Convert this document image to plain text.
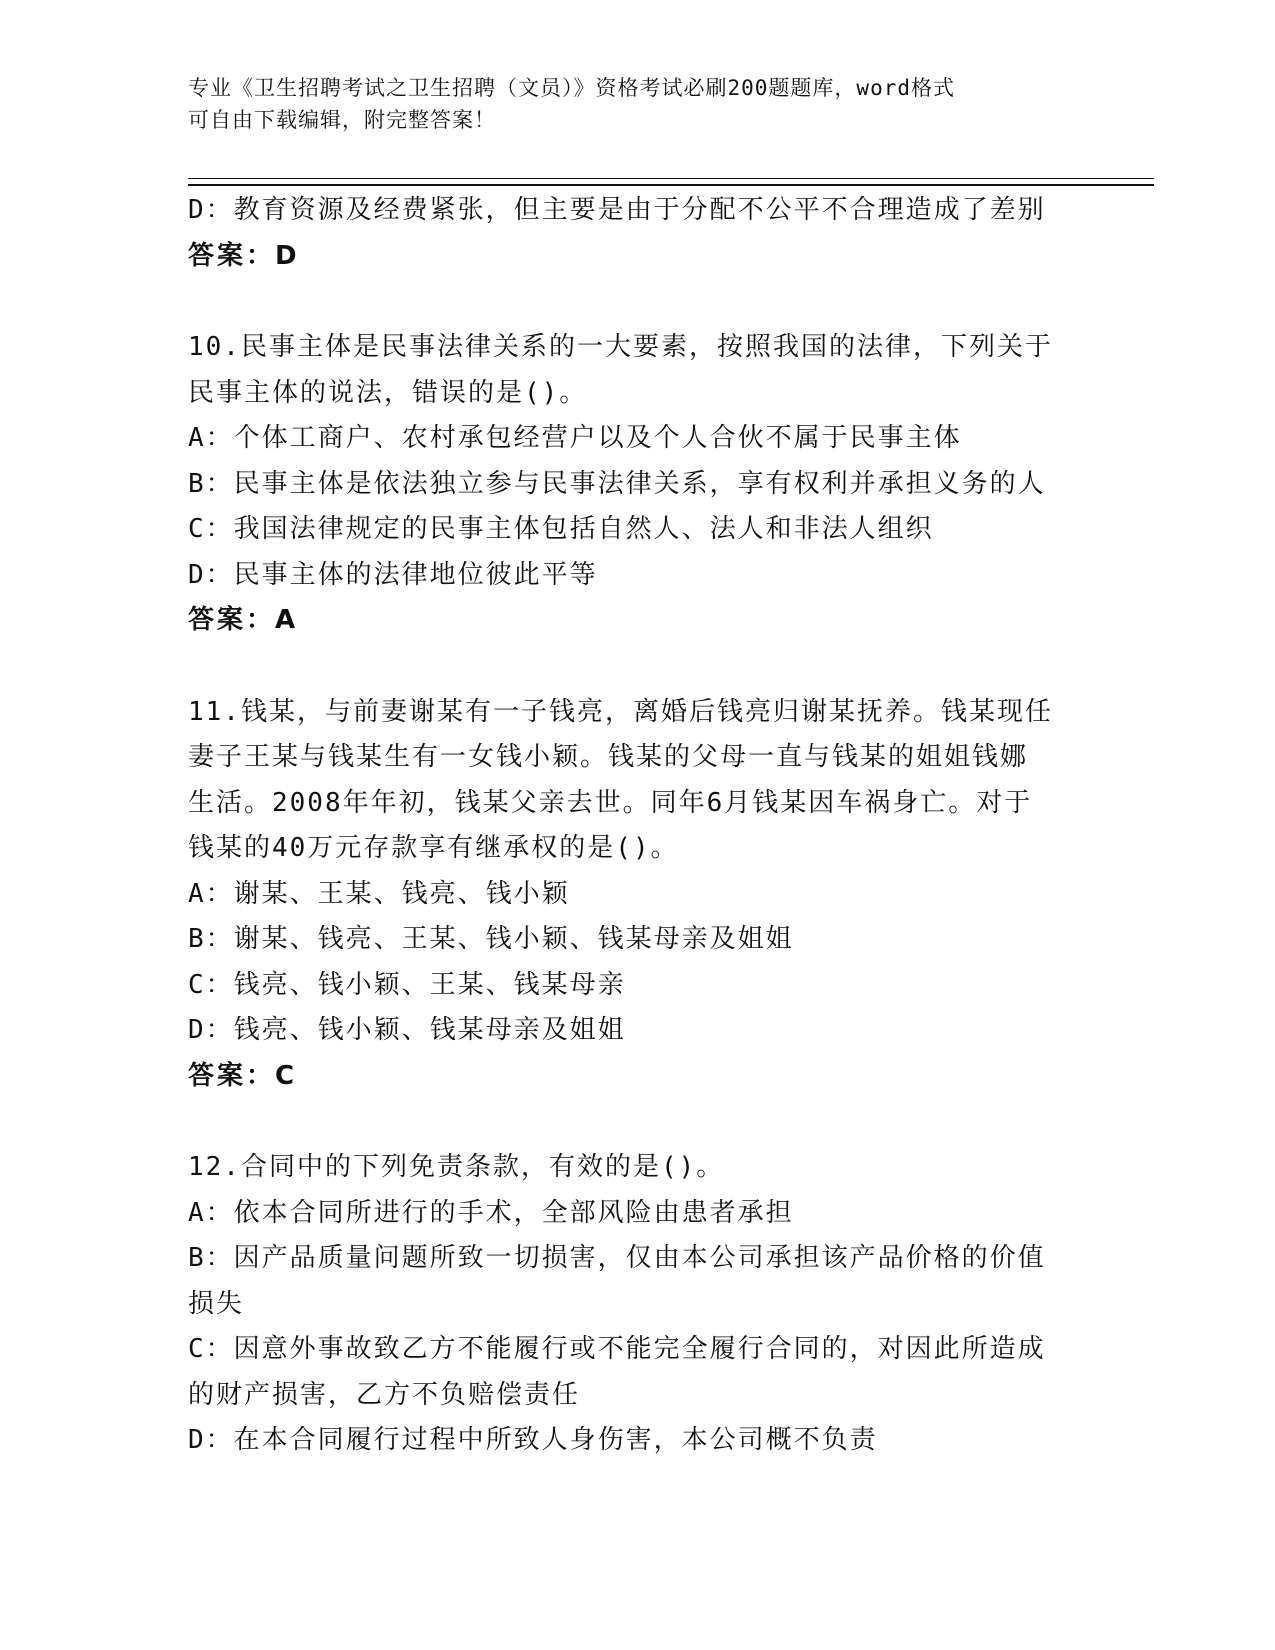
专业《卫生招聘考试之卫生招聘（文员）》资格考试必刷200题题库，word格式
可自由下载编辑，附完整答案！
D：教育资源及经费紧张，但主要是由于分配不公平不合理造成了差别
答案：D
10.民事主体是民事法律关系的一大要素，按照我国的法律，下列关于
民事主体的说法，错误的是()。
A：个体工商户、农村承包经营户以及个人合伙不属于民事主体
B：民事主体是依法独立参与民事法律关系，享有权利并承担义务的人
C：我国法律规定的民事主体包括自然人、法人和非法人组织
D：民事主体的法律地位彼此平等
答案：A
11.钱某，与前妻谢某有一子钱亮，离婚后钱亮归谢某抚养。钱某现任
妻子王某与钱某生有一女钱小颖。钱某的父母一直与钱某的姐姐钱娜
生活。2008年年初，钱某父亲去世。同年6月钱某因车祸身亡。对于
钱某的40万元存款享有继承权的是()。
A：谢某、王某、钱亮、钱小颖
B：谢某、钱亮、王某、钱小颖、钱某母亲及姐姐
C：钱亮、钱小颖、王某、钱某母亲
D：钱亮、钱小颖、钱某母亲及姐姐
答案：C
12.合同中的下列免责条款，有效的是()。
A：依本合同所进行的手术，全部风险由患者承担
B：因产品质量问题所致一切损害，仅由本公司承担该产品价格的价值
损失
C：因意外事故致乙方不能履行或不能完全履行合同的，对因此所造成
的财产损害，乙方不负赔偿责任
D：在本合同履行过程中所致人身伤害，本公司概不负责
